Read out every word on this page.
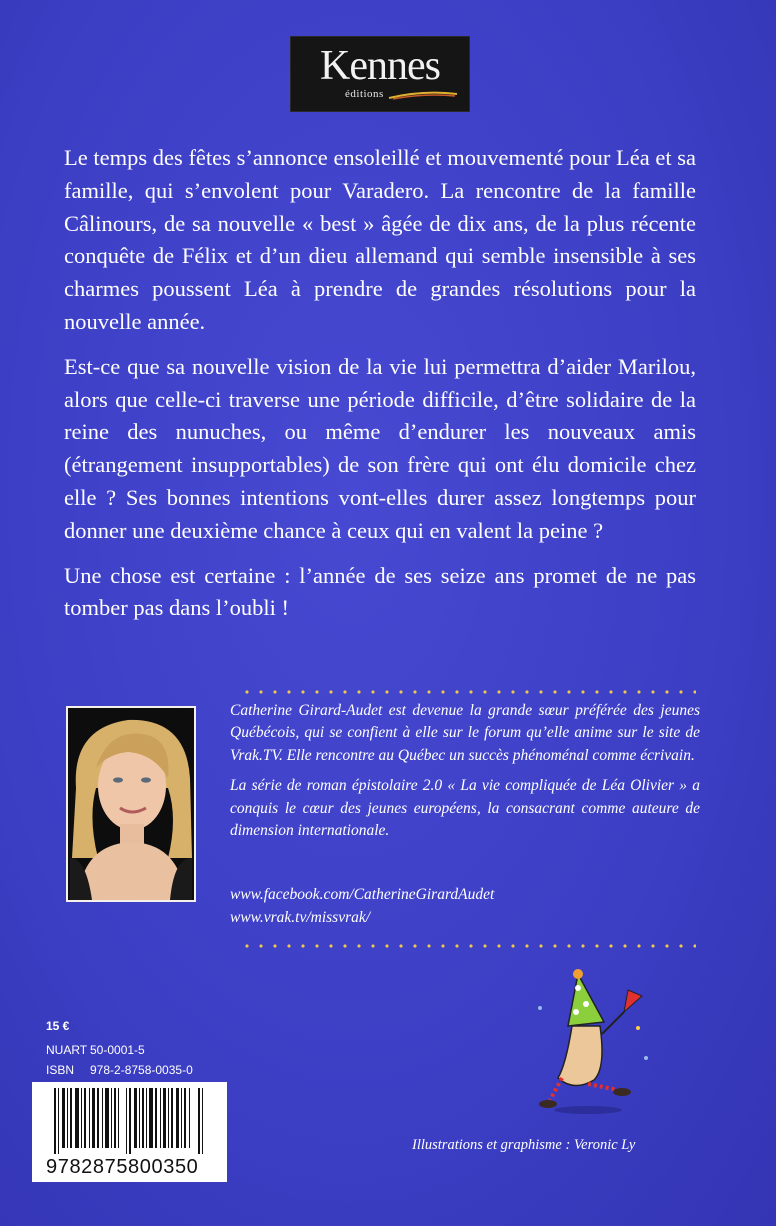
Kennes
éditions

Le temps des fêtes s’annonce ensoleillé et mouvementé pour Léa et sa famille, qui s’envolent pour Varadero. La rencontre de la famille Câlinours, de sa nouvelle « best » âgée de dix ans, de la plus récente conquête de Félix et d’un dieu allemand qui semble insensible à ses charmes poussent Léa à prendre de grandes résolutions pour la nouvelle année.

Est-ce que sa nouvelle vision de la vie lui permettra d’aider Marilou, alors que celle-ci traverse une période difficile, d’être solidaire de la reine des nunuches, ou même d’endurer les nouveaux amis (étrangement insupportables) de son frère qui ont élu domicile chez elle ? Ses bonnes intentions vont-elles durer assez longtemps pour donner une deuxième chance à ceux qui en valent la peine ?

Une chose est certaine : l’année de ses seize ans promet de ne pas tomber pas dans l’oubli !

Catherine Girard-Audet est devenue la grande sœur préférée des jeunes Québécois, qui se confient à elle sur le forum qu’elle anime sur le site de Vrak.TV. Elle rencontre au Québec un succès phénoménal comme écrivain.

La série de roman épistolaire 2.0 « La vie compliquée de Léa Olivier » a conquis le cœur des jeunes européens, la consacrant comme auteure de dimension internationale.

www.facebook.com/CatherineGirardAudet
www.vrak.tv/missvrak/
15 €
NUART 50-0001-5
ISBN 978-2-8758-0035-0
9782875800350
Illustrations et graphisme : Veronic Ly
